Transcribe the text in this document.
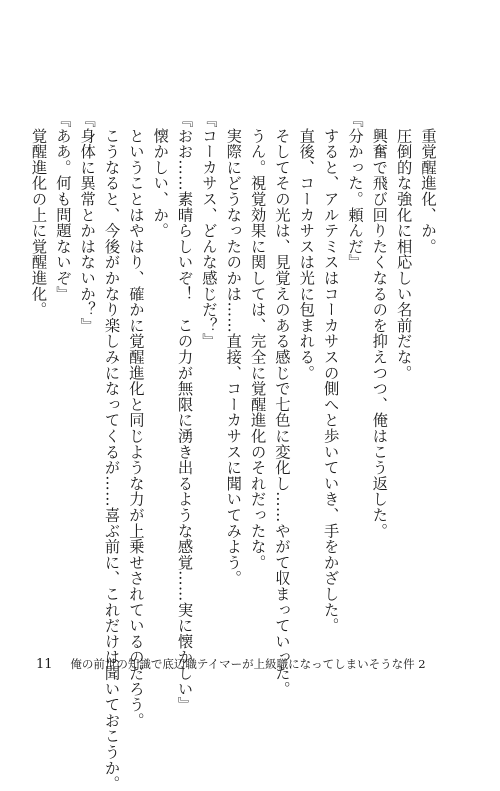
　重覚醒進化、か。
　圧倒的な強化に相応しい名前だな。
　興奮で飛び回りたくなるのを抑えつつ、俺はこう返した。
『分かった。頼んだ』
　すると、アルテミスはコーカサスの側へと歩いていき、手をかざした。
　直後、コーカサスは光に包まれる。
　そしてその光は、見覚えのある感じで七色に変化し……やがて収まっていった。
　うん。視覚効果に関しては、完全に覚醒進化のそれだったな。
　実際にどうなったのかは……直接、コーカサスに聞いてみよう。
『コーカサス、どんな感じだ？』
『おお……素晴らしいぞ！　この力が無限に湧き出るような感覚……実に懐かしい』
　懐かしい、か。
　ということはやはり、確かに覚醒進化と同じような力が上乗せされているのだろう。
　こうなると、今後がかなり楽しみになってくるが……喜ぶ前に、これだけは聞いておこうか。
『身体に異常とかはないか？』
『ああ。何も問題ないぞ』
　覚醒進化の上に覚醒進化。
11 俺の前世の知識で底辺職テイマーが上級職になってしまいそうな件 2
